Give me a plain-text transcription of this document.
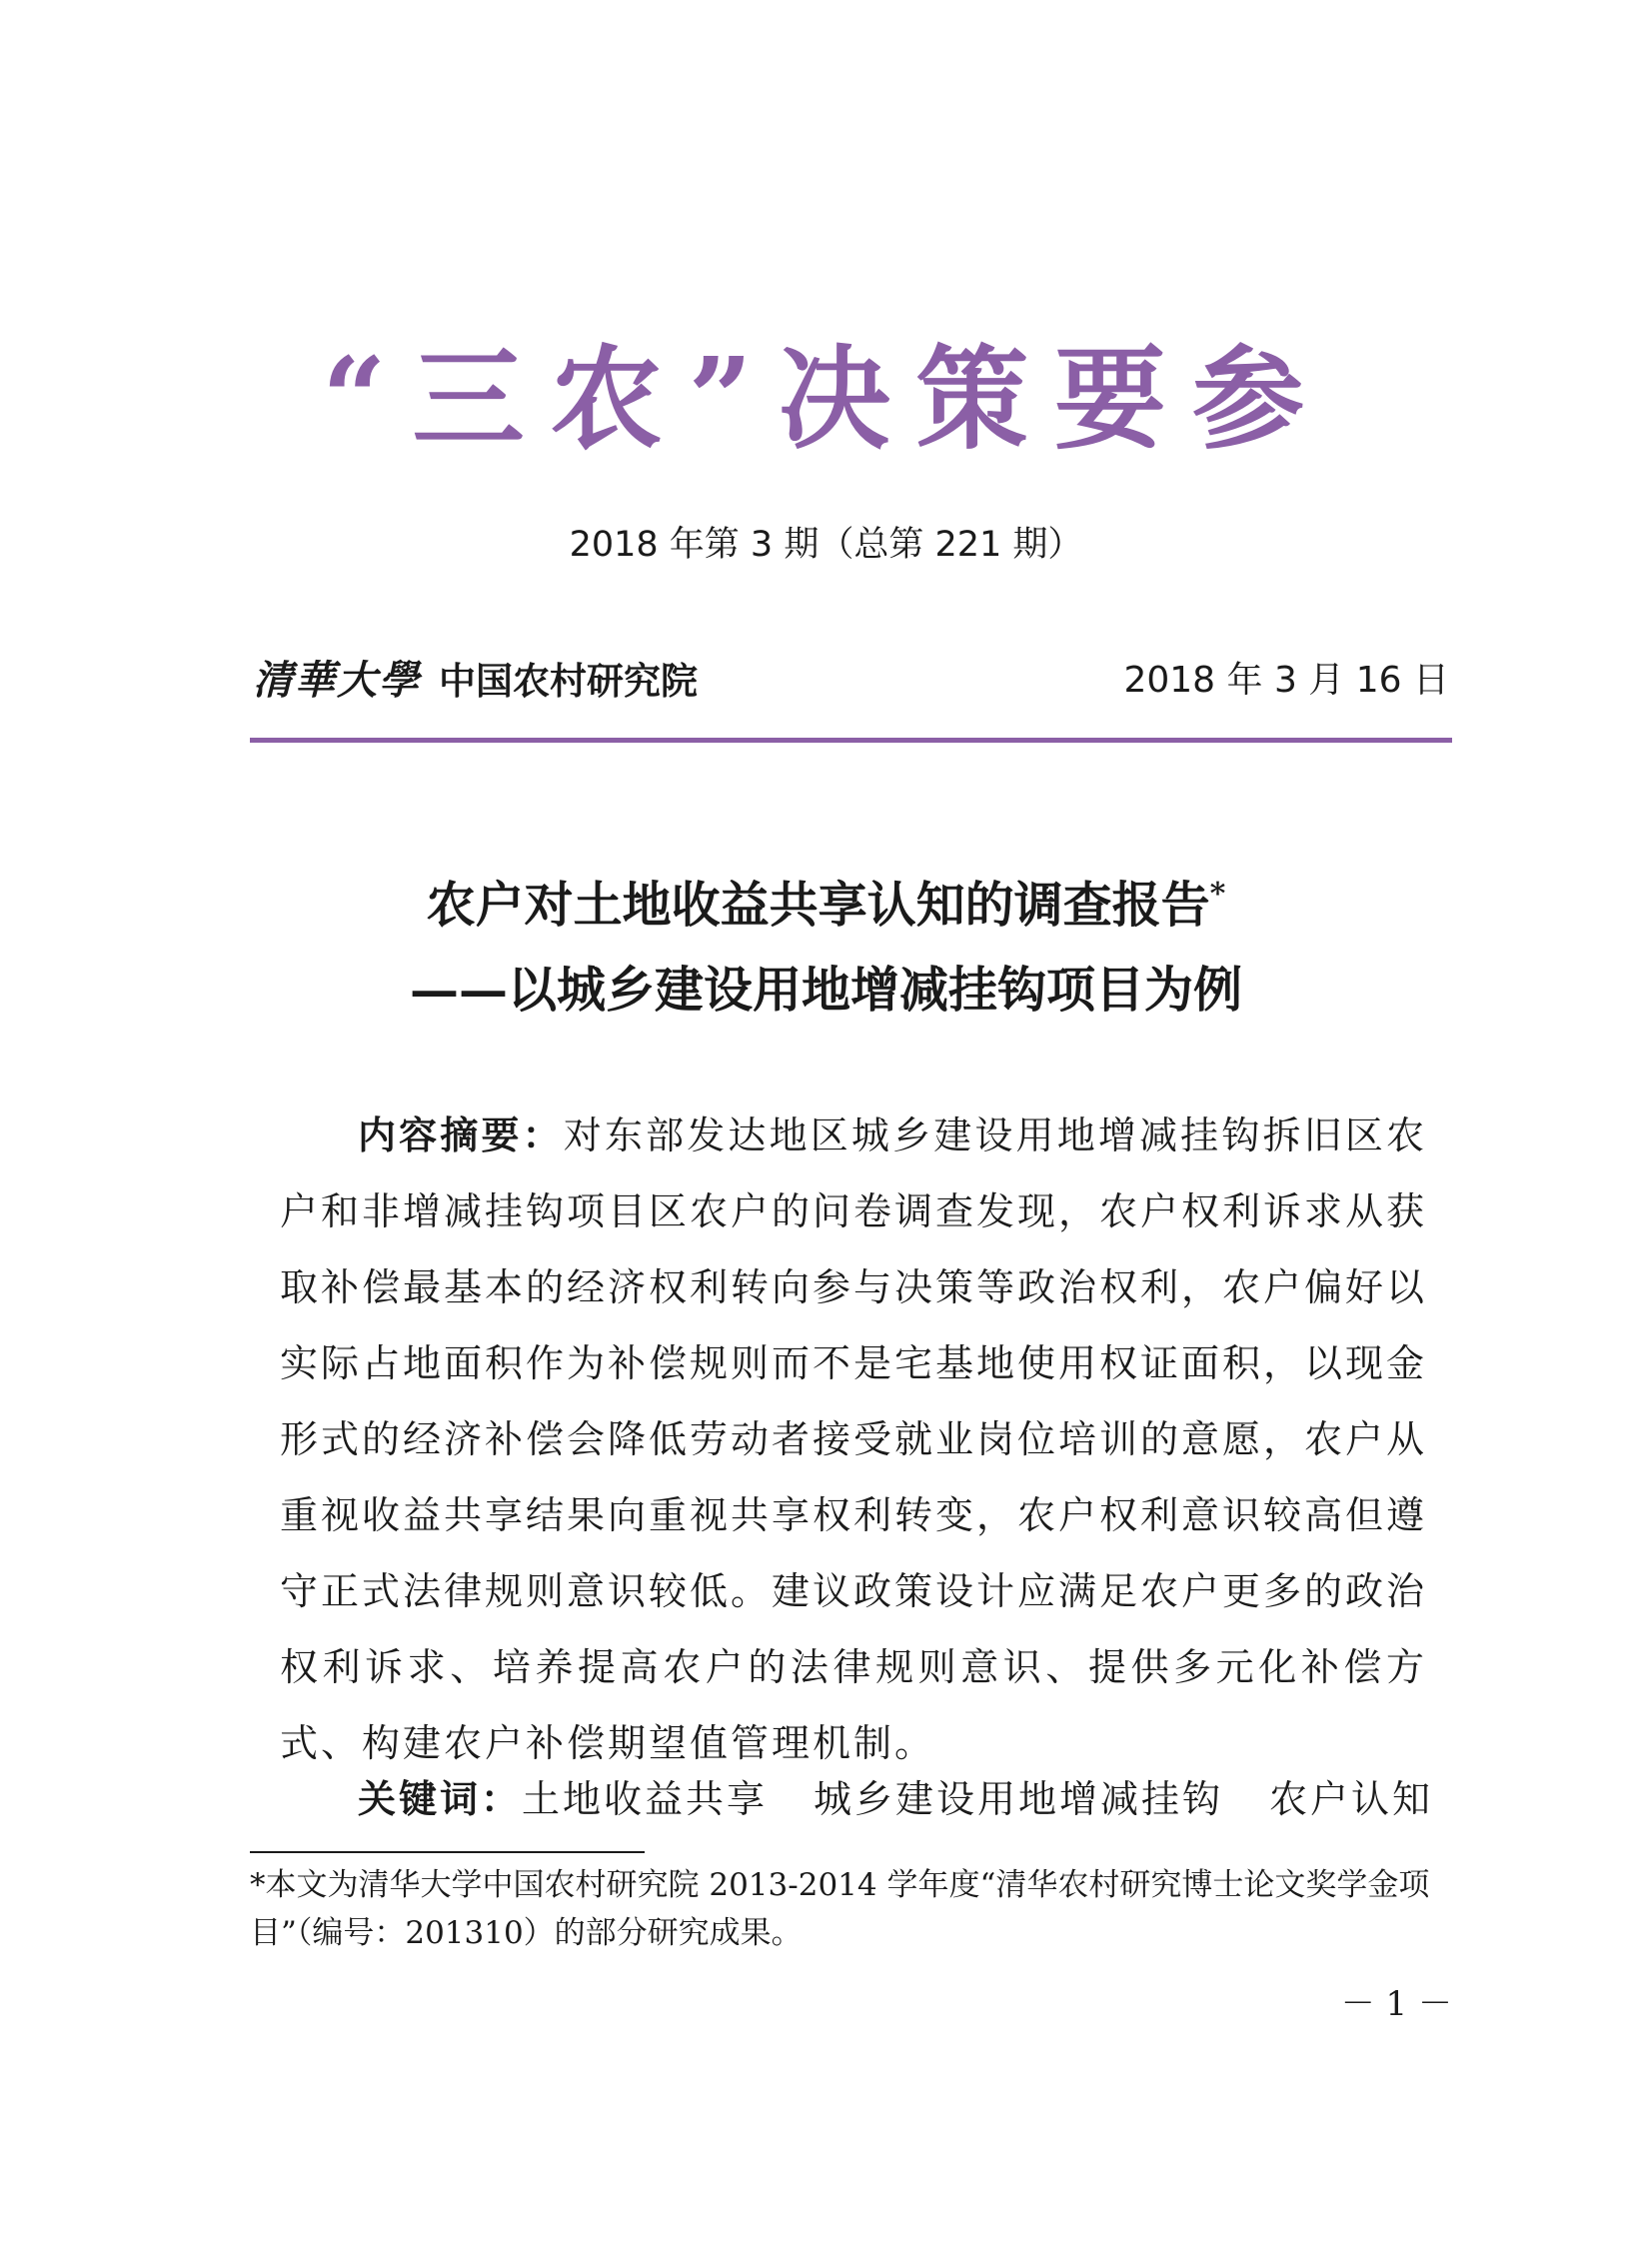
“三农”决策要参
2018 年第 3 期（总第 221 期）
清華大學 中国农村研究院	2018 年 3 月 16 日
农户对土地收益共享认知的调查报告*
——以城乡建设用地增减挂钩项目为例
内容摘要：对东部发达地区城乡建设用地增减挂钩拆旧区农户和非增减挂钩项目区农户的问卷调查发现，农户权利诉求从获取补偿最基本的经济权利转向参与决策等政治权利，农户偏好以实际占地面积作为补偿规则而不是宅基地使用权证面积，以现金形式的经济补偿会降低劳动者接受就业岗位培训的意愿，农户从重视收益共享结果向重视共享权利转变，农户权利意识较高但遵守正式法律规则意识较低。建议政策设计应满足农户更多的政治权利诉求、培养提高农户的法律规则意识、提供多元化补偿方式、构建农户补偿期望值管理机制。
关键词：土地收益共享 城乡建设用地增减挂钩 农户认知
*本文为清华大学中国农村研究院 2013-2014 学年度“清华农村研究博士论文奖学金项目”（编号：201310）的部分研究成果。
－ 1 －
